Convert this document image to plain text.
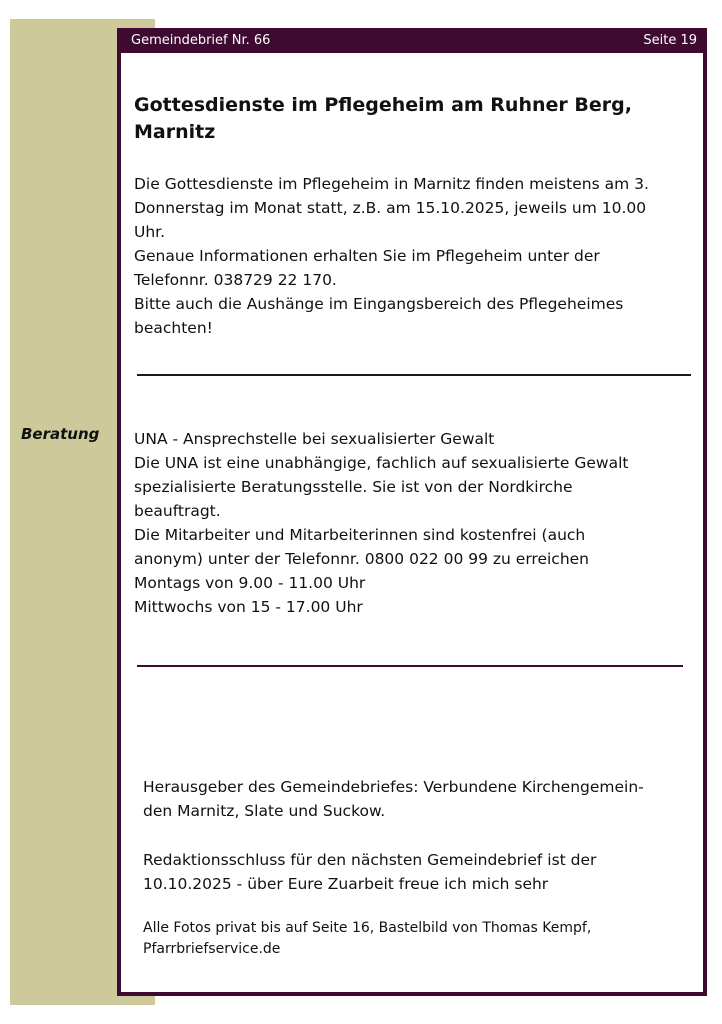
Beratung
Gemeindebrief Nr. 66	Seite 19
Gottesdienste im Pflegeheim am Ruhner Berg,
Marnitz

Die Gottesdienste im Pflegeheim in Marnitz finden meistens am 3.

Donnerstag im Monat statt, z.B. am 15.10.2025, jeweils um 10.00

Uhr.

Genaue Informationen erhalten Sie im Pflegeheim unter der

Telefonnr. 038729 22 170.

Bitte auch die Aushänge im Eingangsbereich des Pflegeheimes

beachten!

UNA - Ansprechstelle bei sexualisierter Gewalt

Die UNA ist eine unabhängige, fachlich auf sexualisierte Gewalt

spezialisierte Beratungsstelle. Sie ist von der Nordkirche

beauftragt.

Die Mitarbeiter und Mitarbeiterinnen sind kostenfrei (auch

anonym) unter der Telefonnr. 0800 022 00 99 zu erreichen

Montags von 9.00 - 11.00 Uhr

Mittwochs von 15 - 17.00 Uhr

Herausgeber des Gemeindebriefes: Verbundene Kirchengemein-

den Marnitz, Slate und Suckow.

Redaktionsschluss für den nächsten Gemeindebrief ist der

10.10.2025 - über Eure Zuarbeit freue ich mich sehr

Alle Fotos privat bis auf Seite 16, Bastelbild von Thomas Kempf,

Pfarrbriefservice.de
